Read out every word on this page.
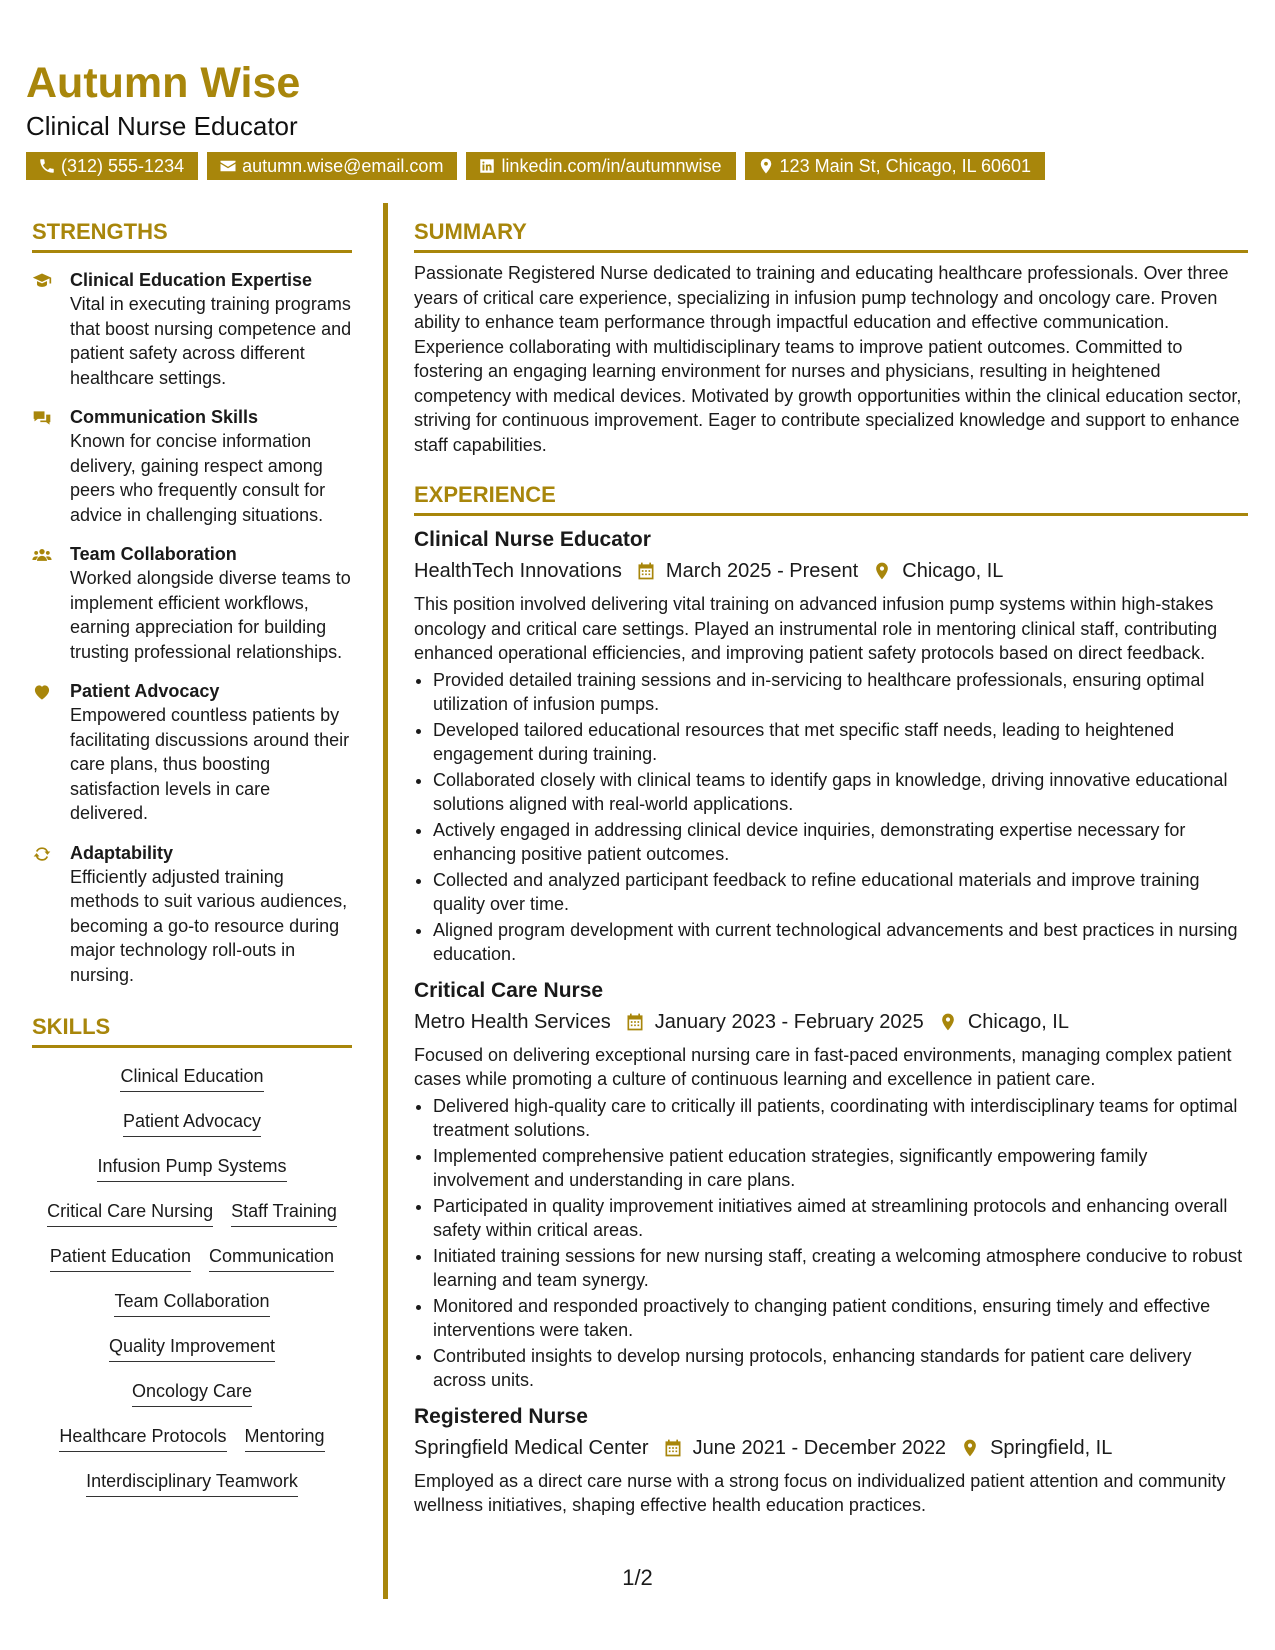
Autumn Wise
Clinical Nurse Educator
(312) 555-1234	autumn.wise@email.com	linkedin.com/in/autumnwise	123 Main St, Chicago, IL 60601
STRENGTHS
Clinical Education Expertise
Vital in executing training programs that boost nursing competence and patient safety across different healthcare settings.
Communication Skills
Known for concise information delivery, gaining respect among peers who frequently consult for advice in challenging situations.
Team Collaboration
Worked alongside diverse teams to implement efficient workflows, earning appreciation for building trusting professional relationships.
Patient Advocacy
Empowered countless patients by facilitating discussions around their care plans, thus boosting satisfaction levels in care delivered.
Adaptability
Efficiently adjusted training methods to suit various audiences, becoming a go-to resource during major technology roll-outs in nursing.
SKILLS
Clinical Education
Patient Advocacy
Infusion Pump Systems
Critical Care Nursing Staff Training
Patient Education Communication
Team Collaboration
Quality Improvement
Oncology Care
Healthcare Protocols Mentoring
Interdisciplinary Teamwork
SUMMARY
Passionate Registered Nurse dedicated to training and educating healthcare professionals. Over three years of critical care experience, specializing in infusion pump technology and oncology care. Proven ability to enhance team performance through impactful education and effective communication. Experience collaborating with multidisciplinary teams to improve patient outcomes. Committed to fostering an engaging learning environment for nurses and physicians, resulting in heightened competency with medical devices. Motivated by growth opportunities within the clinical education sector, striving for continuous improvement. Eager to contribute specialized knowledge and support to enhance staff capabilities.
EXPERIENCE
Clinical Nurse Educator
HealthTech Innovations March 2025 - Present Chicago, IL
This position involved delivering vital training on advanced infusion pump systems within high-stakes oncology and critical care settings. Played an instrumental role in mentoring clinical staff, contributing enhanced operational efficiencies, and improving patient safety protocols based on direct feedback.
• Provided detailed training sessions and in-servicing to healthcare professionals, ensuring optimal utilization of infusion pumps.
• Developed tailored educational resources that met specific staff needs, leading to heightened engagement during training.
• Collaborated closely with clinical teams to identify gaps in knowledge, driving innovative educational solutions aligned with real-world applications.
• Actively engaged in addressing clinical device inquiries, demonstrating expertise necessary for enhancing positive patient outcomes.
• Collected and analyzed participant feedback to refine educational materials and improve training quality over time.
• Aligned program development with current technological advancements and best practices in nursing education.
Critical Care Nurse
Metro Health Services January 2023 - February 2025 Chicago, IL
Focused on delivering exceptional nursing care in fast-paced environments, managing complex patient cases while promoting a culture of continuous learning and excellence in patient care.
• Delivered high-quality care to critically ill patients, coordinating with interdisciplinary teams for optimal treatment solutions.
• Implemented comprehensive patient education strategies, significantly empowering family involvement and understanding in care plans.
• Participated in quality improvement initiatives aimed at streamlining protocols and enhancing overall safety within critical areas.
• Initiated training sessions for new nursing staff, creating a welcoming atmosphere conducive to robust learning and team synergy.
• Monitored and responded proactively to changing patient conditions, ensuring timely and effective interventions were taken.
• Contributed insights to develop nursing protocols, enhancing standards for patient care delivery across units.
Registered Nurse
Springfield Medical Center June 2021 - December 2022 Springfield, IL
Employed as a direct care nurse with a strong focus on individualized patient attention and community wellness initiatives, shaping effective health education practices.
1/2
